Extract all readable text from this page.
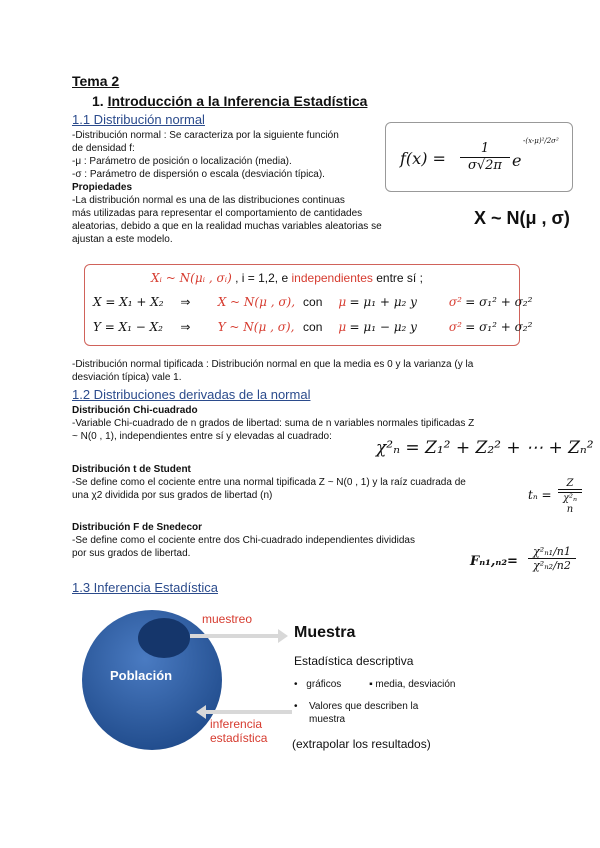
Tema 2
1. Introducción a la Inferencia Estadística
1.1 Distribución normal
-Distribución normal : Se caracteriza por la siguiente función
de densidad f:
-μ : Parámetro de posición o localización (media).
-σ : Parámetro de dispersión o escala (desviación típica).
Propiedades
-La distribución normal es una de las distribuciones continuas
más utilizadas para representar el comportamiento de cantidades
aleatorias, debido a que en la realidad muchas variables aleatorias se
ajustan a este modelo.
$f(x) = \frac{1}{\sigma√2\pi}$ e
-(x-μ)²/2σ²
X ~ N(μ , σ)
Xᵢ ~ N(μᵢ , σᵢ) , i = 1,2, e independientes entre sí ;
X = X₁ + X₂ ⇒ X ~ N(μ , σ), con μ = μ₁ + μ₂ y	σ² = σ₁² + σ₂²
Y = X₁ − X₂ ⇒ Y ~ N(μ , σ), con μ = μ₁ − μ₂ y	σ² = σ₁² + σ₂²
-Distribución normal tipificada : Distribución normal en que la media es 0 y la varianza (y la
desviación típica) vale 1.
1.2 Distribuciones derivadas de la normal
Distribución Chi-cuadrado
-Variable Chi-cuadrado de n grados de libertad: suma de n variables normales tipificadas Z
~ N(0 , 1), independientes entre sí y elevadas al cuadrado:
χ²ₙ = Z₁² + Z₂² + ⋯ + Zₙ²
Distribución t de Student
-Se define como el cociente entre una normal tipificada Z ~ N(0 , 1) y la raíz cuadrada de
una χ2 dividida por sus grados de libertad (n)	tₙ =
Z
χ²ₙ
n
Distribución F de Snedecor
-Se define como el cociente entre dos Chi-cuadrado independientes divididas
por sus grados de libertad.
$F_{n1},_{n2}= \frac{\text{χ²ₙ₁/n1}}{\text{χ²ₙ₂/n2}}$
1.3 Inferencia Estadística
Población
muestreo
inferencia
estadística
Muestra
Estadística descriptiva
• gráficos	▪ media, desviación
• Valores que describen la
muestra
(extrapolar los resultados)
